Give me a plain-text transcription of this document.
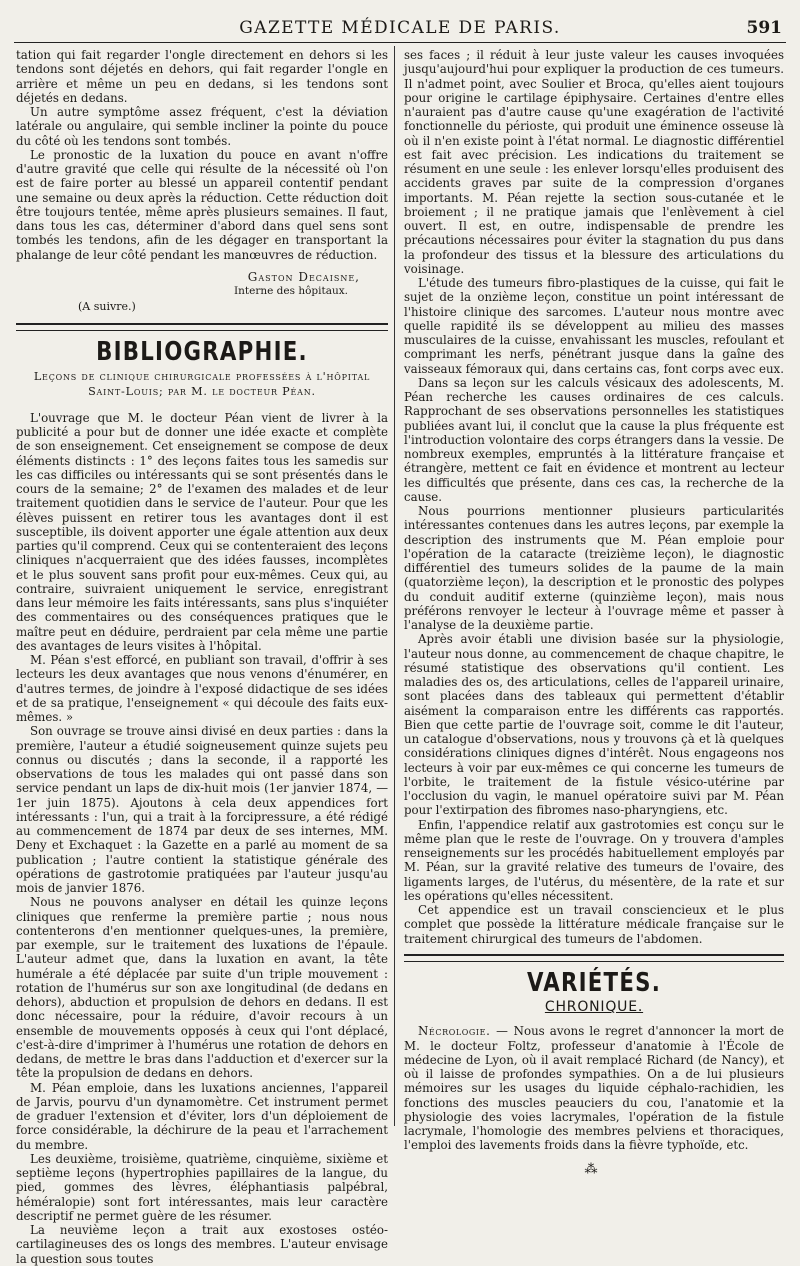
GAZETTE MÉDICALE DE PARIS.	591

tation qui fait regarder l'ongle directement en dehors si les tendons sont déjetés en dehors, qui fait regarder l'ongle en arrière et même un peu en dedans, si les tendons sont déjetés en dedans.

Un autre symptôme assez fréquent, c'est la déviation latérale ou angulaire, qui semble incliner la pointe du pouce du côté où les tendons sont tombés.

Le pronostic de la luxation du pouce en avant n'offre d'autre gravité que celle qui résulte de la nécessité où l'on est de faire porter au blessé un appareil contentif pendant une semaine ou deux après la réduction. Cette réduction doit être toujours tentée, même après plusieurs semaines. Il faut, dans tous les cas, déterminer d'abord dans quel sens sont tombés les tendons, afin de les dégager en transportant la phalange de leur côté pendant les manœuvres de réduction.

Gaston Decaisne,
Interne des hôpitaux.
(A suivre.)
BIBLIOGRAPHIE.
Leçons de clinique chirurgicale professées à l'hôpital Saint-Louis; par M. le docteur Péan.

L'ouvrage que M. le docteur Péan vient de livrer à la publicité a pour but de donner une idée exacte et complète de son enseignement. Cet enseignement se compose de deux éléments distincts : 1° des leçons faites tous les samedis sur les cas difficiles ou intéressants qui se sont présentés dans le cours de la semaine; 2° de l'examen des malades et de leur traitement quotidien dans le service de l'auteur. Pour que les élèves puissent en retirer tous les avantages dont il est susceptible, ils doivent apporter une égale attention aux deux parties qu'il comprend. Ceux qui se contenteraient des leçons cliniques n'acquerraient que des idées fausses, incomplètes et le plus souvent sans profit pour eux-mêmes. Ceux qui, au contraire, suivraient uniquement le service, enregistrant dans leur mémoire les faits intéressants, sans plus s'inquiéter des commentaires ou des conséquences pratiques que le maître peut en déduire, perdraient par cela même une partie des avantages de leurs visites à l'hôpital.

M. Péan s'est efforcé, en publiant son travail, d'offrir à ses lecteurs les deux avantages que nous venons d'énumérer, en d'autres termes, de joindre à l'exposé didactique de ses idées et de sa pratique, l'enseignement « qui découle des faits eux-mêmes. »

Son ouvrage se trouve ainsi divisé en deux parties : dans la première, l'auteur a étudié soigneusement quinze sujets peu connus ou discutés ; dans la seconde, il a rapporté les observations de tous les malades qui ont passé dans son service pendant un laps de dix-huit mois (1er janvier 1874, — 1er juin 1875). Ajoutons à cela deux appendices fort intéressants : l'un, qui a trait à la forcipressure, a été rédigé au commencement de 1874 par deux de ses internes, MM. Deny et Exchaquet : la Gazette en a parlé au moment de sa publication ; l'autre contient la statistique générale des opérations de gastrotomie pratiquées par l'auteur jusqu'au mois de janvier 1876.

Nous ne pouvons analyser en détail les quinze leçons cliniques que renferme la première partie ; nous nous contenterons d'en mentionner quelques-unes, la première, par exemple, sur le traitement des luxations de l'épaule. L'auteur admet que, dans la luxation en avant, la tête humérale a été déplacée par suite d'un triple mouvement : rotation de l'humérus sur son axe longitudinal (de dedans en dehors), abduction et propulsion de dehors en dedans. Il est donc nécessaire, pour la réduire, d'avoir recours à un ensemble de mouvements opposés à ceux qui l'ont déplacé, c'est-à-dire d'imprimer à l'humérus une rotation de dehors en dedans, de mettre le bras dans l'adduction et d'exercer sur la tête la propulsion de dedans en dehors.

M. Péan emploie, dans les luxations anciennes, l'appareil de Jarvis, pourvu d'un dynamomètre. Cet instrument permet de graduer l'extension et d'éviter, lors d'un déploiement de force considérable, la déchirure de la peau et l'arrachement du membre.

Les deuxième, troisième, quatrième, cinquième, sixième et septième leçons (hypertrophies papillaires de la langue, du pied, gommes des lèvres, éléphantiasis palpébral, héméralopie) sont fort intéressantes, mais leur caractère descriptif ne permet guère de les résumer.

La neuvième leçon a trait aux exostoses ostéo-cartilagineuses des os longs des membres. L'auteur envisage la question sous toutes

ses faces ; il réduit à leur juste valeur les causes invoquées jusqu'aujourd'hui pour expliquer la production de ces tumeurs. Il n'admet point, avec Soulier et Broca, qu'elles aient toujours pour origine le cartilage épiphysaire. Certaines d'entre elles n'auraient pas d'autre cause qu'une exagération de l'activité fonctionnelle du périoste, qui produit une éminence osseuse là où il n'en existe point à l'état normal. Le diagnostic différentiel est fait avec précision. Les indications du traitement se résument en une seule : les enlever lorsqu'elles produisent des accidents graves par suite de la compression d'organes importants. M. Péan rejette la section sous-cutanée et le broiement ; il ne pratique jamais que l'enlèvement à ciel ouvert. Il est, en outre, indispensable de prendre les précautions nécessaires pour éviter la stagnation du pus dans la profondeur des tissus et la blessure des articulations du voisinage.

L'étude des tumeurs fibro-plastiques de la cuisse, qui fait le sujet de la onzième leçon, constitue un point intéressant de l'histoire clinique des sarcomes. L'auteur nous montre avec quelle rapidité ils se développent au milieu des masses musculaires de la cuisse, envahissant les muscles, refoulant et comprimant les nerfs, pénétrant jusque dans la gaîne des vaisseaux fémoraux qui, dans certains cas, font corps avec eux.

Dans sa leçon sur les calculs vésicaux des adolescents, M. Péan recherche les causes ordinaires de ces calculs. Rapprochant de ses observations personnelles les statistiques publiées avant lui, il conclut que la cause la plus fréquente est l'introduction volontaire des corps étrangers dans la vessie. De nombreux exemples, empruntés à la littérature française et étrangère, mettent ce fait en évidence et montrent au lecteur les difficultés que présente, dans ces cas, la recherche de la cause.

Nous pourrions mentionner plusieurs particularités intéressantes contenues dans les autres leçons, par exemple la description des instruments que M. Péan emploie pour l'opération de la cataracte (treizième leçon), le diagnostic différentiel des tumeurs solides de la paume de la main (quatorzième leçon), la description et le pronostic des polypes du conduit auditif externe (quinzième leçon), mais nous préférons renvoyer le lecteur à l'ouvrage même et passer à l'analyse de la deuxième partie.

Après avoir établi une division basée sur la physiologie, l'auteur nous donne, au commencement de chaque chapitre, le résumé statistique des observations qu'il contient. Les maladies des os, des articulations, celles de l'appareil urinaire, sont placées dans des tableaux qui permettent d'établir aisément la comparaison entre les différents cas rapportés. Bien que cette partie de l'ouvrage soit, comme le dit l'auteur, un catalogue d'observations, nous y trouvons çà et là quelques considérations cliniques dignes d'intérêt. Nous engageons nos lecteurs à voir par eux-mêmes ce qui concerne les tumeurs de l'orbite, le traitement de la fistule vésico-utérine par l'occlusion du vagin, le manuel opératoire suivi par M. Péan pour l'extirpation des fibromes naso-pharyngiens, etc.

Enfin, l'appendice relatif aux gastrotomies est conçu sur le même plan que le reste de l'ouvrage. On y trouvera d'amples renseignements sur les procédés habituellement employés par M. Péan, sur la gravité relative des tumeurs de l'ovaire, des ligaments larges, de l'utérus, du mésentère, de la rate et sur les opérations qu'elles nécessitent.

Cet appendice est un travail consciencieux et le plus complet que possède la littérature médicale française sur le traitement chirurgical des tumeurs de l'abdomen.

VARIÉTÉS.
CHRONIQUE.

Nécrologie. — Nous avons le regret d'annoncer la mort de M. le docteur Foltz, professeur d'anatomie à l'École de médecine de Lyon, où il avait remplacé Richard (de Nancy), et où il laisse de profondes sympathies. On a de lui plusieurs mémoires sur les usages du liquide céphalo-rachidien, les fonctions des muscles peauciers du cou, l'anatomie et la physiologie des voies lacrymales, l'opération de la fistule lacrymale, l'homologie des membres pelviens et thoraciques, l'emploi des lavements froids dans la fièvre typhoïde, etc.

⁂
